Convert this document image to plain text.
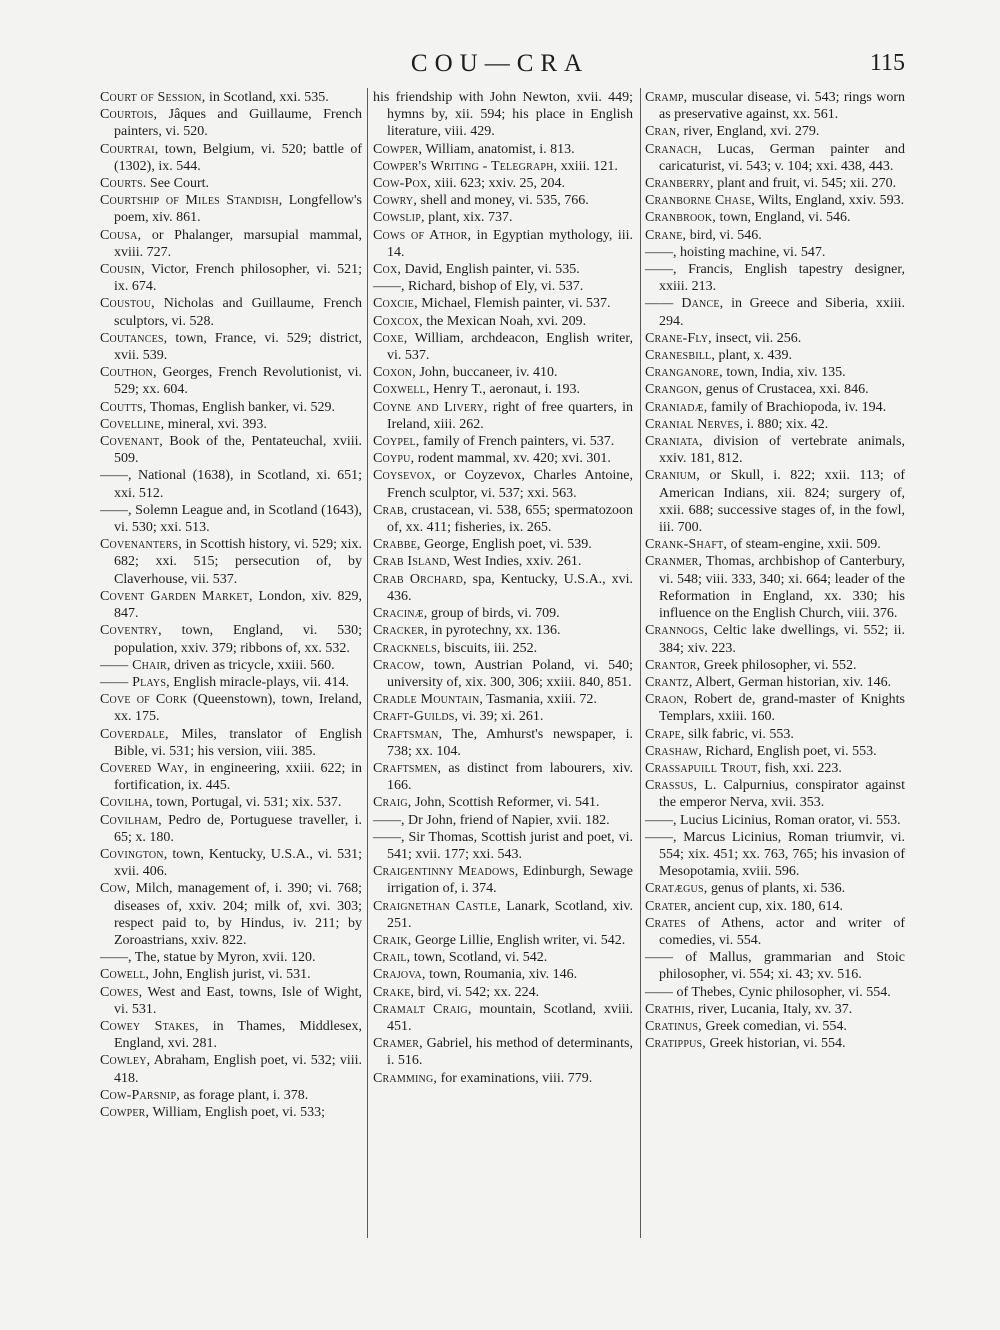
COU—CRA	115
Court of Session, in Scotland, xxi. 535.
Courtois, Jâques and Guillaume, French painters, vi. 520.
Courtrai, town, Belgium, vi. 520; battle of (1302), ix. 544.
Courts. See Court.
Courtship of Miles Standish, Longfellow's poem, xiv. 861.
Cousa, or Phalanger, marsupial mammal, xviii. 727.
Cousin, Victor, French philosopher, vi. 521; ix. 674.
Coustou, Nicholas and Guillaume, French sculptors, vi. 528.
Coutances, town, France, vi. 529; district, xvii. 539.
Couthon, Georges, French Revolutionist, vi. 529; xx. 604.
Coutts, Thomas, English banker, vi. 529.
Covelline, mineral, xvi. 393.
Covenant, Book of the, Pentateuchal, xviii. 509.
——, National (1638), in Scotland, xi. 651; xxi. 512.
——, Solemn League and, in Scotland (1643), vi. 530; xxi. 513.
Covenanters, in Scottish history, vi. 529; xix. 682; xxi. 515; persecution of, by Claverhouse, vii. 537.
Covent Garden Market, London, xiv. 829, 847.
Coventry, town, England, vi. 530; population, xxiv. 379; ribbons of, xx. 532.
—— Chair, driven as tricycle, xxiii. 560.
—— Plays, English miracle-plays, vii. 414.
Cove of Cork (Queenstown), town, Ireland, xx. 175.
Coverdale, Miles, translator of English Bible, vi. 531; his version, viii. 385.
Covered Way, in engineering, xxiii. 622; in fortification, ix. 445.
Covilha, town, Portugal, vi. 531; xix. 537.
Covilham, Pedro de, Portuguese traveller, i. 65; x. 180.
Covington, town, Kentucky, U.S.A., vi. 531; xvii. 406.
Cow, Milch, management of, i. 390; vi. 768; diseases of, xxiv. 204; milk of, xvi. 303; respect paid to, by Hindus, iv. 211; by Zoroastrians, xxiv. 822.
——, The, statue by Myron, xvii. 120.
Cowell, John, English jurist, vi. 531.
Cowes, West and East, towns, Isle of Wight, vi. 531.
Cowey Stakes, in Thames, Middlesex, England, xvi. 281.
Cowley, Abraham, English poet, vi. 532; viii. 418.
Cow-Parsnip, as forage plant, i. 378.
Cowper, William, English poet, vi. 533;
his friendship with John Newton, xvii. 449; hymns by, xii. 594; his place in English literature, viii. 429.
Cowper, William, anatomist, i. 813.
Cowper's Writing - Telegraph, xxiii. 121.
Cow-Pox, xiii. 623; xxiv. 25, 204.
Cowry, shell and money, vi. 535, 766.
Cowslip, plant, xix. 737.
Cows of Athor, in Egyptian mythology, iii. 14.
Cox, David, English painter, vi. 535.
——, Richard, bishop of Ely, vi. 537.
Coxcie, Michael, Flemish painter, vi. 537.
Coxcox, the Mexican Noah, xvi. 209.
Coxe, William, archdeacon, English writer, vi. 537.
Coxon, John, buccaneer, iv. 410.
Coxwell, Henry T., aeronaut, i. 193.
Coyne and Livery, right of free quarters, in Ireland, xiii. 262.
Coypel, family of French painters, vi. 537.
Coypu, rodent mammal, xv. 420; xvi. 301.
Coysevox, or Coyzevox, Charles Antoine, French sculptor, vi. 537; xxi. 563.
Crab, crustacean, vi. 538, 655; spermatozoon of, xx. 411; fisheries, ix. 265.
Crabbe, George, English poet, vi. 539.
Crab Island, West Indies, xxiv. 261.
Crab Orchard, spa, Kentucky, U.S.A., xvi. 436.
Cracinæ, group of birds, vi. 709.
Cracker, in pyrotechny, xx. 136.
Cracknels, biscuits, iii. 252.
Cracow, town, Austrian Poland, vi. 540; university of, xix. 300, 306; xxiii. 840, 851.
Cradle Mountain, Tasmania, xxiii. 72.
Craft-Guilds, vi. 39; xi. 261.
Craftsman, The, Amhurst's newspaper, i. 738; xx. 104.
Craftsmen, as distinct from labourers, xiv. 166.
Craig, John, Scottish Reformer, vi. 541.
——, Dr John, friend of Napier, xvii. 182.
——, Sir Thomas, Scottish jurist and poet, vi. 541; xvii. 177; xxi. 543.
Craigentinny Meadows, Edinburgh, Sewage irrigation of, i. 374.
Craignethan Castle, Lanark, Scotland, xiv. 251.
Craik, George Lillie, English writer, vi. 542.
Crail, town, Scotland, vi. 542.
Crajova, town, Roumania, xiv. 146.
Crake, bird, vi. 542; xx. 224.
Cramalt Craig, mountain, Scotland, xviii. 451.
Cramer, Gabriel, his method of determinants, i. 516.
Cramming, for examinations, viii. 779.
Cramp, muscular disease, vi. 543; rings worn as preservative against, xx. 561.
Cran, river, England, xvi. 279.
Cranach, Lucas, German painter and caricaturist, vi. 543; v. 104; xxi. 438, 443.
Cranberry, plant and fruit, vi. 545; xii. 270.
Cranborne Chase, Wilts, England, xxiv. 593.
Cranbrook, town, England, vi. 546.
Crane, bird, vi. 546.
——, hoisting machine, vi. 547.
——, Francis, English tapestry designer, xxiii. 213.
—— Dance, in Greece and Siberia, xxiii. 294.
Crane-Fly, insect, vii. 256.
Cranesbill, plant, x. 439.
Cranganore, town, India, xiv. 135.
Crangon, genus of Crustacea, xxi. 846.
Craniadæ, family of Brachiopoda, iv. 194.
Cranial Nerves, i. 880; xix. 42.
Craniata, division of vertebrate animals, xxiv. 181, 812.
Cranium, or Skull, i. 822; xxii. 113; of American Indians, xii. 824; surgery of, xxii. 688; successive stages of, in the fowl, iii. 700.
Crank-Shaft, of steam-engine, xxii. 509.
Cranmer, Thomas, archbishop of Canterbury, vi. 548; viii. 333, 340; xi. 664; leader of the Reformation in England, xx. 330; his influence on the English Church, viii. 376.
Crannogs, Celtic lake dwellings, vi. 552; ii. 384; xiv. 223.
Crantor, Greek philosopher, vi. 552.
Crantz, Albert, German historian, xiv. 146.
Craon, Robert de, grand-master of Knights Templars, xxiii. 160.
Crape, silk fabric, vi. 553.
Crashaw, Richard, English poet, vi. 553.
Crassapuill Trout, fish, xxi. 223.
Crassus, L. Calpurnius, conspirator against the emperor Nerva, xvii. 353.
——, Lucius Licinius, Roman orator, vi. 553.
——, Marcus Licinius, Roman triumvir, vi. 554; xix. 451; xx. 763, 765; his invasion of Mesopotamia, xviii. 596.
Cratægus, genus of plants, xi. 536.
Crater, ancient cup, xix. 180, 614.
Crates of Athens, actor and writer of comedies, vi. 554.
—— of Mallus, grammarian and Stoic philosopher, vi. 554; xi. 43; xv. 516.
—— of Thebes, Cynic philosopher, vi. 554.
Crathis, river, Lucania, Italy, xv. 37.
Cratinus, Greek comedian, vi. 554.
Cratippus, Greek historian, vi. 554.
